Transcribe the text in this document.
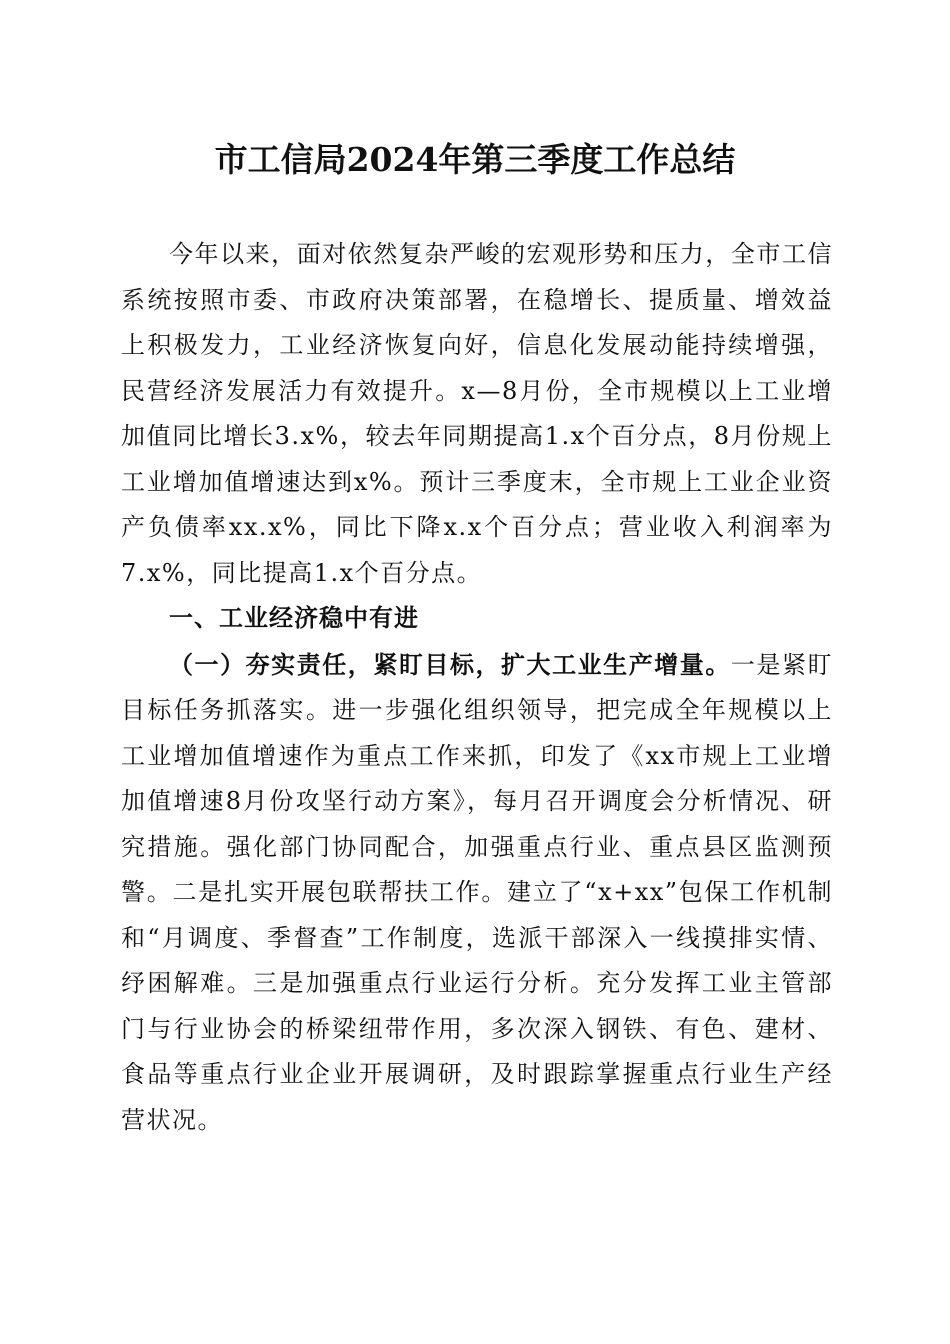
市工信局2024年第三季度工作总结

今年以来，面对依然复杂严峻的宏观形势和压力，全市工信系统按照市委、市政府决策部署，在稳增长、提质量、增效益上积极发力，工业经济恢复向好，信息化发展动能持续增强，民营经济发展活力有效提升。x—8月份，全市规模以上工业增加值同比增长3.x%，较去年同期提高1.x个百分点，8月份规上工业增加值增速达到x%。预计三季度末，全市规上工业企业资产负债率xx.x%，同比下降x.x个百分点；营业收入利润率为7.x%，同比提高1.x个百分点。

一、工业经济稳中有进

（一）夯实责任，紧盯目标，扩大工业生产增量。一是紧盯目标任务抓落实。进一步强化组织领导，把完成全年规模以上工业增加值增速作为重点工作来抓，印发了《xx市规上工业增加值增速8月份攻坚行动方案》，每月召开调度会分析情况、研究措施。强化部门协同配合，加强重点行业、重点县区监测预警。二是扎实开展包联帮扶工作。建立了“x+xx”包保工作机制和“月调度、季督查”工作制度，选派干部深入一线摸排实情、纾困解难。三是加强重点行业运行分析。充分发挥工业主管部门与行业协会的桥梁纽带作用，多次深入钢铁、有色、建材、食品等重点行业企业开展调研，及时跟踪掌握重点行业生产经营状况。
